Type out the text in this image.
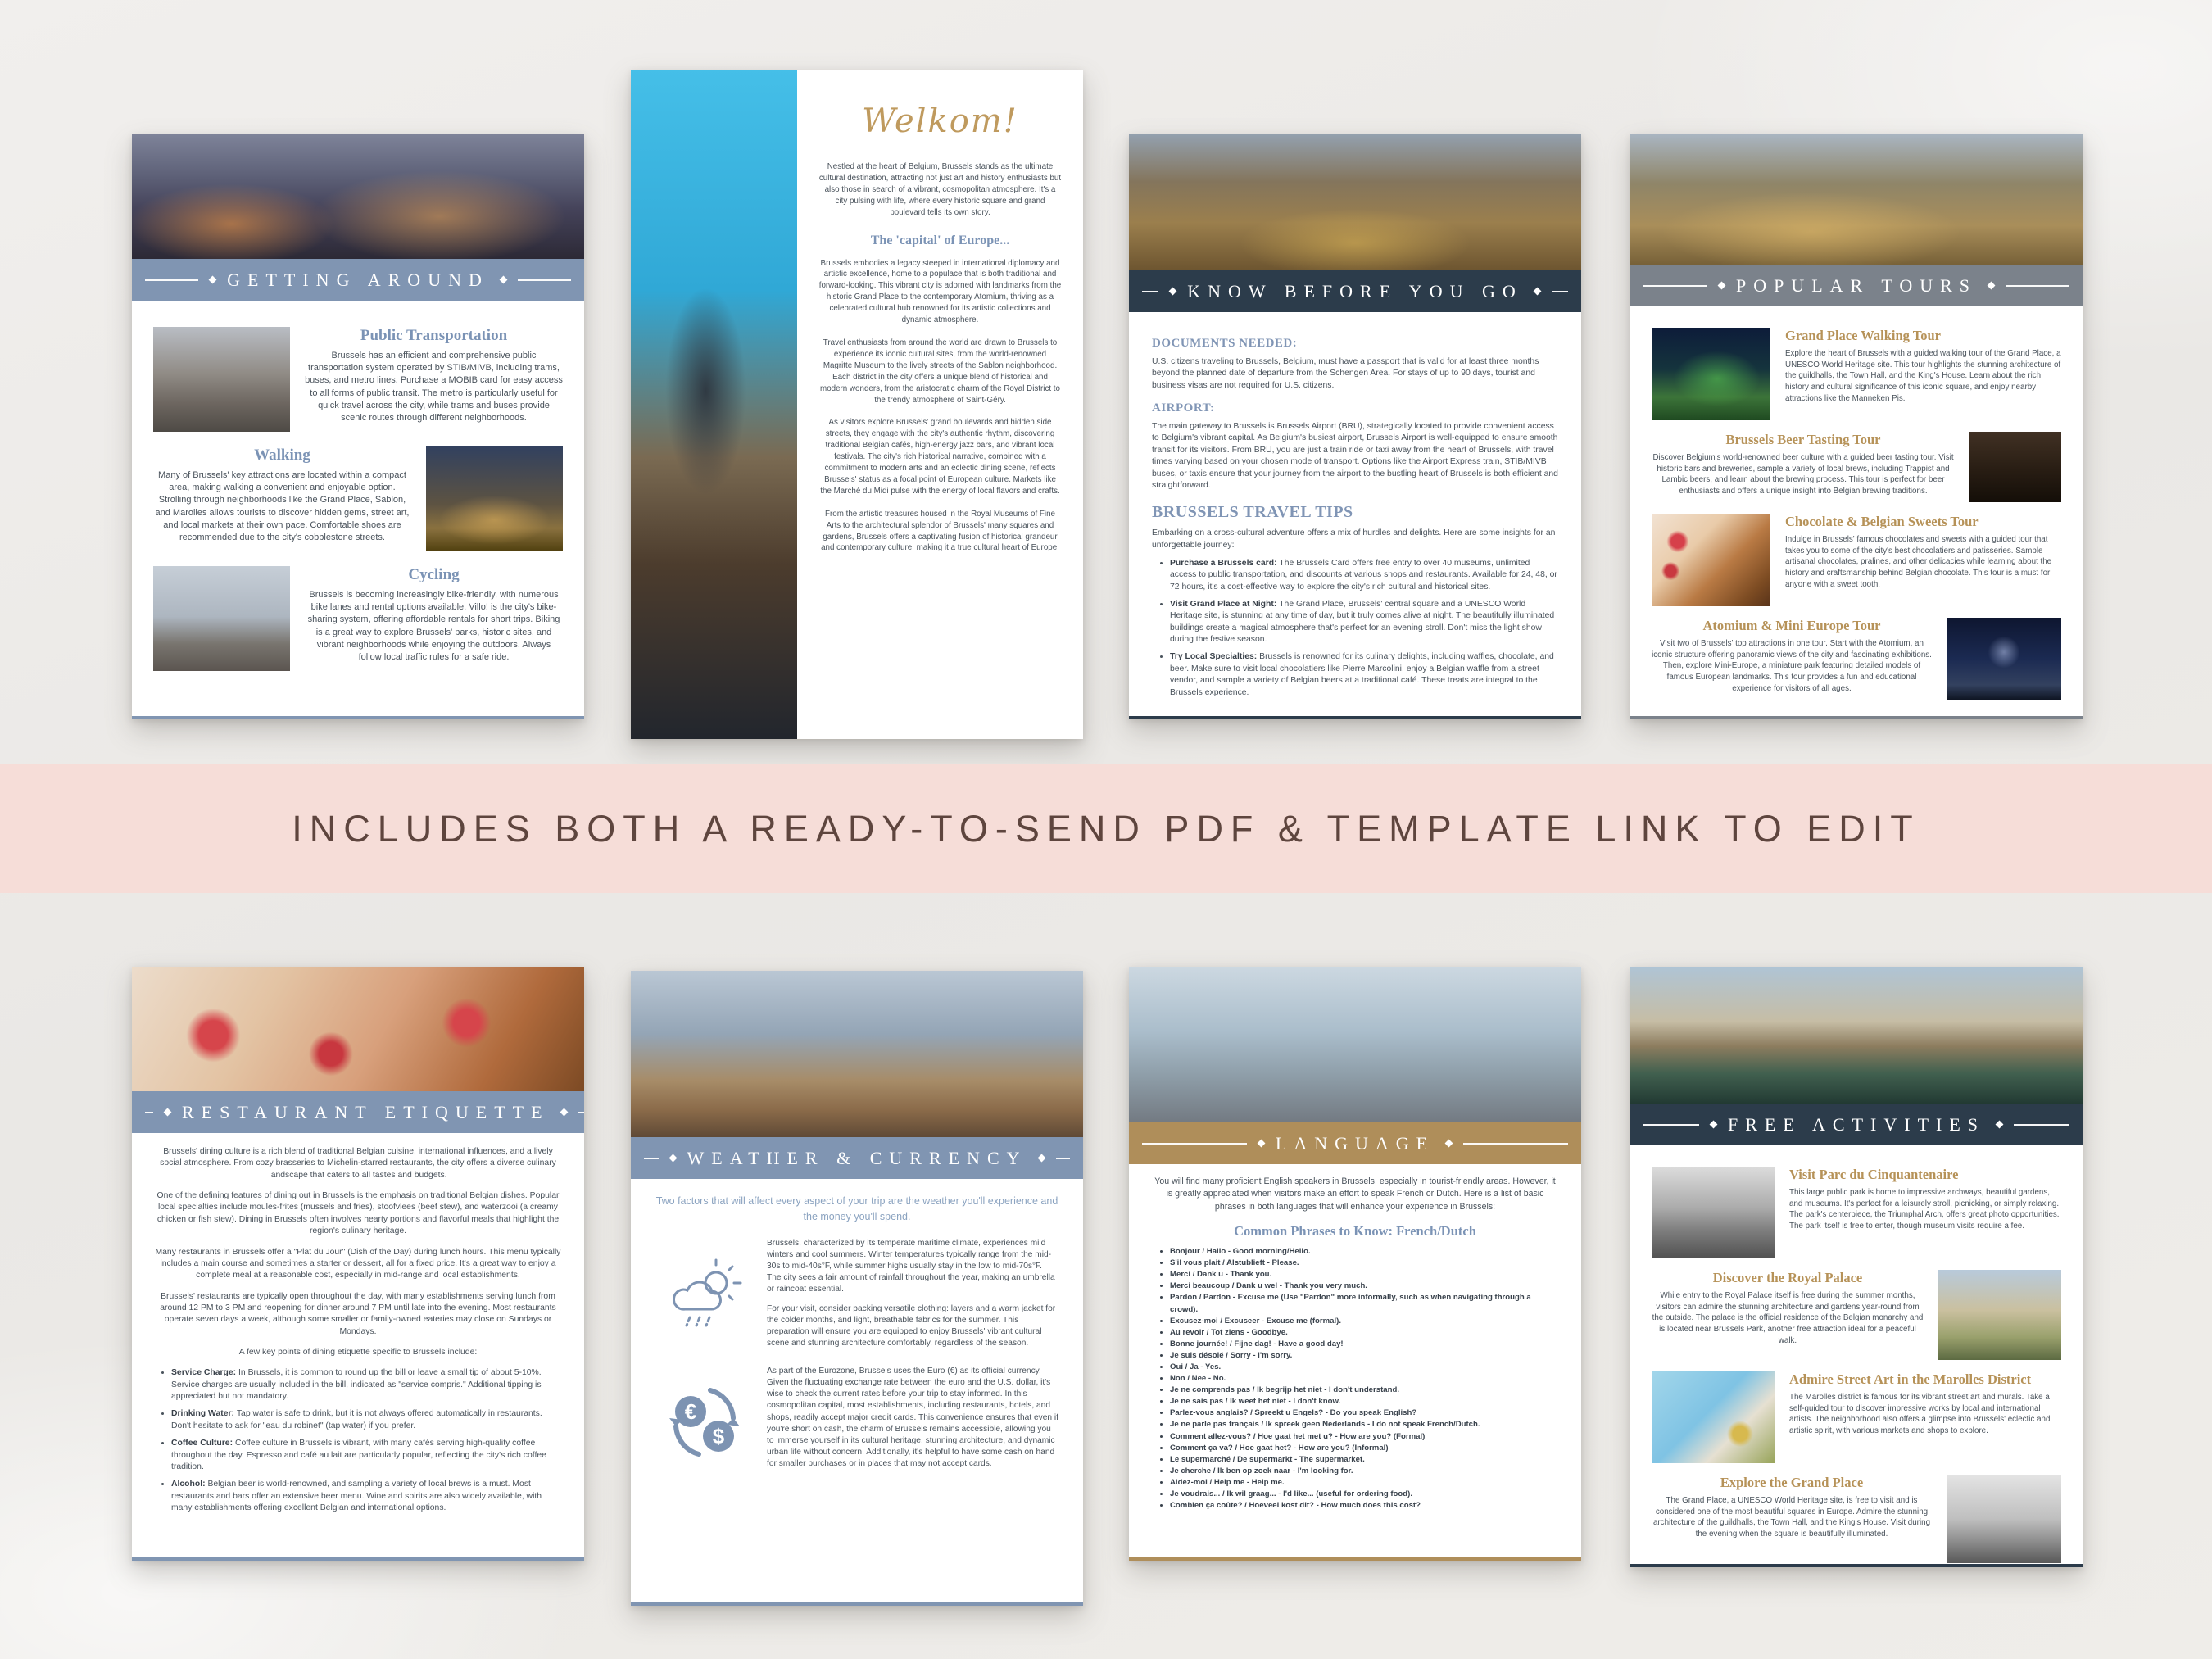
GETTING AROUND
Public Transportation
Brussels has an efficient and comprehensive public transportation system operated by STIB/MIVB, including trams, buses, and metro lines. Purchase a MOBIB card for easy access to all forms of public transit. The metro is particularly useful for quick travel across the city, while trams and buses provide scenic routes through different neighborhoods.
Walking
Many of Brussels' key attractions are located within a compact area, making walking a convenient and enjoyable option. Strolling through neighborhoods like the Grand Place, Sablon, and Marolles allows tourists to discover hidden gems, street art, and local markets at their own pace. Comfortable shoes are recommended due to the city's cobblestone streets.
Cycling
Brussels is becoming increasingly bike-friendly, with numerous bike lanes and rental options available. Villo! is the city's bike-sharing system, offering affordable rentals for short trips. Biking is a great way to explore Brussels' parks, historic sites, and vibrant neighborhoods while enjoying the outdoors. Always follow local traffic rules for a safe ride.
Welkom!
Nestled at the heart of Belgium, Brussels stands as the ultimate cultural destination, attracting not just art and history enthusiasts but also those in search of a vibrant, cosmopolitan atmosphere. It's a city pulsing with life, where every historic square and grand boulevard tells its own story.
The 'capital' of Europe...
Brussels embodies a legacy steeped in international diplomacy and artistic excellence, home to a populace that is both traditional and forward-looking. This vibrant city is adorned with landmarks from the historic Grand Place to the contemporary Atomium, thriving as a celebrated cultural hub renowned for its artistic collections and dynamic atmosphere.
Travel enthusiasts from around the world are drawn to Brussels to experience its iconic cultural sites, from the world-renowned Magritte Museum to the lively streets of the Sablon neighborhood. Each district in the city offers a unique blend of historical and modern wonders, from the aristocratic charm of the Royal District to the trendy atmosphere of Saint-Géry.
As visitors explore Brussels' grand boulevards and hidden side streets, they engage with the city's authentic rhythm, discovering traditional Belgian cafés, high-energy jazz bars, and vibrant local festivals. The city's rich historical narrative, combined with a commitment to modern arts and an eclectic dining scene, reflects Brussels' status as a focal point of European culture. Markets like the Marché du Midi pulse with the energy of local flavors and crafts.
From the artistic treasures housed in the Royal Museums of Fine Arts to the architectural splendor of Brussels' many squares and gardens, Brussels offers a captivating fusion of historical grandeur and contemporary culture, making it a true cultural heart of Europe.
KNOW BEFORE YOU GO
DOCUMENTS NEEDED:
U.S. citizens traveling to Brussels, Belgium, must have a passport that is valid for at least three months beyond the planned date of departure from the Schengen Area. For stays of up to 90 days, tourist and business visas are not required for U.S. citizens.
AIRPORT:
The main gateway to Brussels is Brussels Airport (BRU), strategically located to provide convenient access to Belgium's vibrant capital. As Belgium's busiest airport, Brussels Airport is well-equipped to ensure smooth transit for its visitors. From BRU, you are just a train ride or taxi away from the heart of Brussels, with travel times varying based on your chosen mode of transport. Options like the Airport Express train, STIB/MIVB buses, or taxis ensure that your journey from the airport to the bustling heart of Brussels is both efficient and straightforward.
BRUSSELS TRAVEL TIPS
Embarking on a cross-cultural adventure offers a mix of hurdles and delights. Here are some insights for an unforgettable journey:
• Purchase a Brussels card: The Brussels Card offers free entry to over 40 museums, unlimited access to public transportation, and discounts at various shops and restaurants. Available for 24, 48, or 72 hours, it's a cost-effective way to explore the city's rich cultural and historical sites.
• Visit Grand Place at Night: The Grand Place, Brussels' central square and a UNESCO World Heritage site, is stunning at any time of day, but it truly comes alive at night. The beautifully illuminated buildings create a magical atmosphere that's perfect for an evening stroll. Don't miss the light show during the festive season.
• Try Local Specialties: Brussels is renowned for its culinary delights, including waffles, chocolate, and beer. Make sure to visit local chocolatiers like Pierre Marcolini, enjoy a Belgian waffle from a street vendor, and sample a variety of Belgian beers at a traditional café. These treats are integral to the Brussels experience.
POPULAR TOURS
Grand Place Walking Tour
Explore the heart of Brussels with a guided walking tour of the Grand Place, a UNESCO World Heritage site. This tour highlights the stunning architecture of the guildhalls, the Town Hall, and the King's House. Learn about the rich history and cultural significance of this iconic square, and enjoy nearby attractions like the Manneken Pis.
Brussels Beer Tasting Tour
Discover Belgium's world-renowned beer culture with a guided beer tasting tour. Visit historic bars and breweries, sample a variety of local brews, including Trappist and Lambic beers, and learn about the brewing process. This tour is perfect for beer enthusiasts and offers a unique insight into Belgian brewing traditions.
Chocolate & Belgian Sweets Tour
Indulge in Brussels' famous chocolates and sweets with a guided tour that takes you to some of the city's best chocolatiers and patisseries. Sample artisanal chocolates, pralines, and other delicacies while learning about the history and craftsmanship behind Belgian chocolate. This tour is a must for anyone with a sweet tooth.
Atomium & Mini Europe Tour
Visit two of Brussels' top attractions in one tour. Start with the Atomium, an iconic structure offering panoramic views of the city and fascinating exhibitions. Then, explore Mini-Europe, a miniature park featuring detailed models of famous European landmarks. This tour provides a fun and educational experience for visitors of all ages.
INCLUDES BOTH A READY-TO-SEND PDF & TEMPLATE LINK TO EDIT
RESTAURANT ETIQUETTE
Brussels' dining culture is a rich blend of traditional Belgian cuisine, international influences, and a lively social atmosphere. From cozy brasseries to Michelin-starred restaurants, the city offers a diverse culinary landscape that caters to all tastes and budgets.
One of the defining features of dining out in Brussels is the emphasis on traditional Belgian dishes. Popular local specialties include moules-frites (mussels and fries), stoofvlees (beef stew), and waterzooi (a creamy chicken or fish stew). Dining in Brussels often involves hearty portions and flavorful meals that highlight the region's culinary heritage.
Many restaurants in Brussels offer a "Plat du Jour" (Dish of the Day) during lunch hours. This menu typically includes a main course and sometimes a starter or dessert, all for a fixed price. It's a great way to enjoy a complete meal at a reasonable cost, especially in mid-range and local establishments.
Brussels' restaurants are typically open throughout the day, with many establishments serving lunch from around 12 PM to 3 PM and reopening for dinner around 7 PM until late into the evening. Most restaurants operate seven days a week, although some smaller or family-owned eateries may close on Sundays or Mondays.
A few key points of dining etiquette specific to Brussels include:
• Service Charge: In Brussels, it is common to round up the bill or leave a small tip of about 5-10%. Service charges are usually included in the bill, indicated as "service compris." Additional tipping is appreciated but not mandatory.
• Drinking Water: Tap water is safe to drink, but it is not always offered automatically in restaurants. Don't hesitate to ask for "eau du robinet" (tap water) if you prefer.
• Coffee Culture: Coffee culture in Brussels is vibrant, with many cafés serving high-quality coffee throughout the day. Espresso and café au lait are particularly popular, reflecting the city's rich coffee tradition.
• Alcohol: Belgian beer is world-renowned, and sampling a variety of local brews is a must. Most restaurants and bars offer an extensive beer menu. Wine and spirits are also widely available, with many establishments offering excellent Belgian and international options.
WEATHER & CURRENCY
Two factors that will affect every aspect of your trip are the weather you'll experience and the money you'll spend.
Brussels, characterized by its temperate maritime climate, experiences mild winters and cool summers. Winter temperatures typically range from the mid-30s to mid-40s°F, while summer highs usually stay in the low to mid-70s°F. The city sees a fair amount of rainfall throughout the year, making an umbrella or raincoat essential.
For your visit, consider packing versatile clothing: layers and a warm jacket for the colder months, and light, breathable fabrics for the summer. This preparation will ensure you are equipped to enjoy Brussels' vibrant cultural scene and stunning architecture comfortably, regardless of the season.
€
$
As part of the Eurozone, Brussels uses the Euro (€) as its official currency. Given the fluctuating exchange rate between the euro and the U.S. dollar, it's wise to check the current rates before your trip to stay informed. In this cosmopolitan capital, most establishments, including restaurants, hotels, and shops, readily accept major credit cards. This convenience ensures that even if you're short on cash, the charm of Brussels remains accessible, allowing you to immerse yourself in its cultural heritage, stunning architecture, and dynamic urban life without concern. Additionally, it's helpful to have some cash on hand for smaller purchases or in places that may not accept cards.
LANGUAGE
You will find many proficient English speakers in Brussels, especially in tourist-friendly areas. However, it is greatly appreciated when visitors make an effort to speak French or Dutch. Here is a list of basic phrases in both languages that will enhance your experience in Brussels:
Common Phrases to Know: French/Dutch
• Bonjour / Hallo - Good morning/Hello.
• S'il vous plait / Alstublieft - Please.
• Merci / Dank u - Thank you.
• Merci beaucoup / Dank u wel - Thank you very much.
• Pardon / Pardon - Excuse me (Use "Pardon" more informally, such as when navigating through a crowd).
• Excusez-moi / Excuseer - Excuse me (formal).
• Au revoir / Tot ziens - Goodbye.
• Bonne journée! / Fijne dag! - Have a good day!
• Je suis désolé / Sorry - I'm sorry.
• Oui / Ja - Yes.
• Non / Nee - No.
• Je ne comprends pas / Ik begrijp het niet - I don't understand.
• Je ne sais pas / Ik weet het niet - I don't know.
• Parlez-vous anglais? / Spreekt u Engels? - Do you speak English?
• Je ne parle pas français / Ik spreek geen Nederlands - I do not speak French/Dutch.
• Comment allez-vous? / Hoe gaat het met u? - How are you? (Formal)
• Comment ça va? / Hoe gaat het? - How are you? (Informal)
• Le supermarché / De supermarkt - The supermarket.
• Je cherche / Ik ben op zoek naar - I'm looking for.
• Aidez-moi / Help me - Help me.
• Je voudrais... / Ik wil graag... - I'd like... (useful for ordering food).
• Combien ça coûte? / Hoeveel kost dit? - How much does this cost?
FREE ACTIVITIES
Visit Parc du Cinquantenaire
This large public park is home to impressive archways, beautiful gardens, and museums. It's perfect for a leisurely stroll, picnicking, or simply relaxing. The park's centerpiece, the Triumphal Arch, offers great photo opportunities. The park itself is free to enter, though museum visits require a fee.
Discover the Royal Palace
While entry to the Royal Palace itself is free during the summer months, visitors can admire the stunning architecture and gardens year-round from the outside. The palace is the official residence of the Belgian monarchy and is located near Brussels Park, another free attraction ideal for a peaceful walk.
Admire Street Art in the Marolles District
The Marolles district is famous for its vibrant street art and murals. Take a self-guided tour to discover impressive works by local and international artists. The neighborhood also offers a glimpse into Brussels' eclectic and artistic spirit, with various markets and shops to explore.
Explore the Grand Place
The Grand Place, a UNESCO World Heritage site, is free to visit and is considered one of the most beautiful squares in Europe. Admire the stunning architecture of the guildhalls, the Town Hall, and the King's House. Visit during the evening when the square is beautifully illuminated.
